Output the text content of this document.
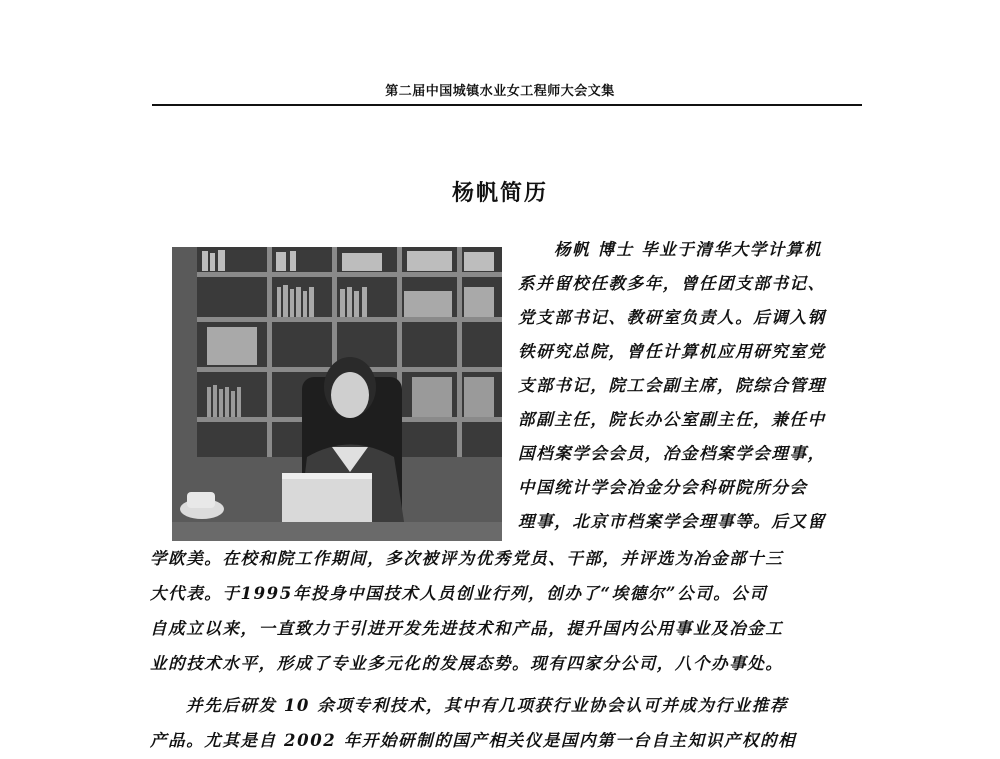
第二届中国城镇水业女工程师大会文集
杨帆简历
杨帆 博士 毕业于清华大学计算机
系并留校任教多年，曾任团支部书记、
党支部书记、教研室负责人。后调入钢
铁研究总院，曾任计算机应用研究室党
支部书记，院工会副主席，院综合管理
部副主任，院长办公室副主任，兼任中
国档案学会会员，冶金档案学会理事，
中国统计学会冶金分会科研院所分会
理事，北京市档案学会理事等。后又留
学欧美。在校和院工作期间，多次被评为优秀党员、干部，并评选为冶金部十三
大代表。于1995年投身中国技术人员创业行列，创办了“埃德尔”公司。公司
自成立以来，一直致力于引进开发先进技术和产品，提升国内公用事业及冶金工
业的技术水平，形成了专业多元化的发展态势。现有四家分公司，八个办事处。
并先后研发 10 余项专利技术，其中有几项获行业协会认可并成为行业推荐
产品。尤其是自 2002 年开始研制的国产相关仪是国内第一台自主知识产权的相
